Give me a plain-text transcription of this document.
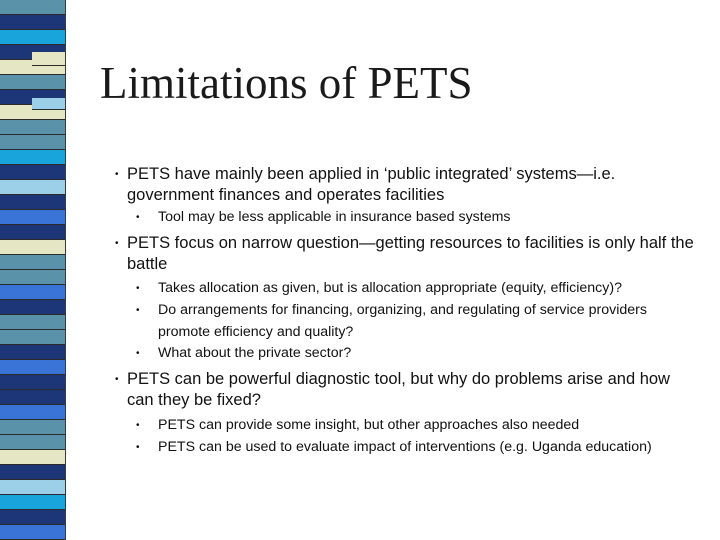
Limitations of PETS
• PETS have mainly been applied in ‘public integrated’ systems—i.e. government finances and operates facilities
• Tool may be less applicable in insurance based systems
• PETS focus on narrow question—getting resources to facilities is only half the battle
• Takes allocation as given, but is allocation appropriate (equity, efficiency)?
• Do arrangements for financing, organizing, and regulating of service providers promote efficiency and quality?
• What about the private sector?
• PETS can be powerful diagnostic tool, but why do problems arise and how can they be fixed?
• PETS can provide some insight, but other approaches also needed
• PETS can be used to evaluate impact of interventions (e.g. Uganda education)
